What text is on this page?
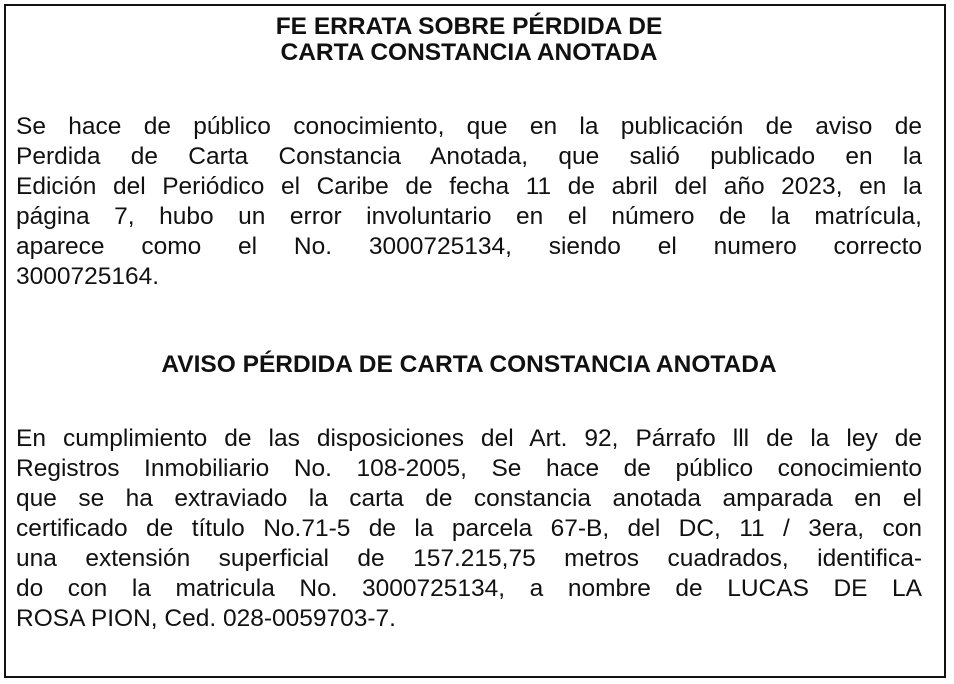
FE ERRATA SOBRE PÉRDIDA DE

CARTA CONSTANCIA ANOTADA

Se hace de público conocimiento, que en la publicación de aviso de

Perdida de Carta Constancia Anotada, que salió publicado en la

Edición del Periódico el Caribe de fecha 11 de abril del año 2023, en la

página 7, hubo un error involuntario en el número de la matrícula,

aparece como el No. 3000725134, siendo el numero correcto

3000725164.

AVISO PÉRDIDA DE CARTA CONSTANCIA ANOTADA

En cumplimiento de las disposiciones del Art. 92, Párrafo lll de la ley de

Registros Inmobiliario No. 108-2005, Se hace de público conocimiento

que se ha extraviado la carta de constancia anotada amparada en el

certificado de título No.71-5 de la parcela 67-B, del DC, 11 / 3era, con

una extensión superficial de 157.215,75 metros cuadrados, identifica-

do con la matricula No. 3000725134, a nombre de LUCAS DE LA

ROSA PION, Ced. 028-0059703-7.
